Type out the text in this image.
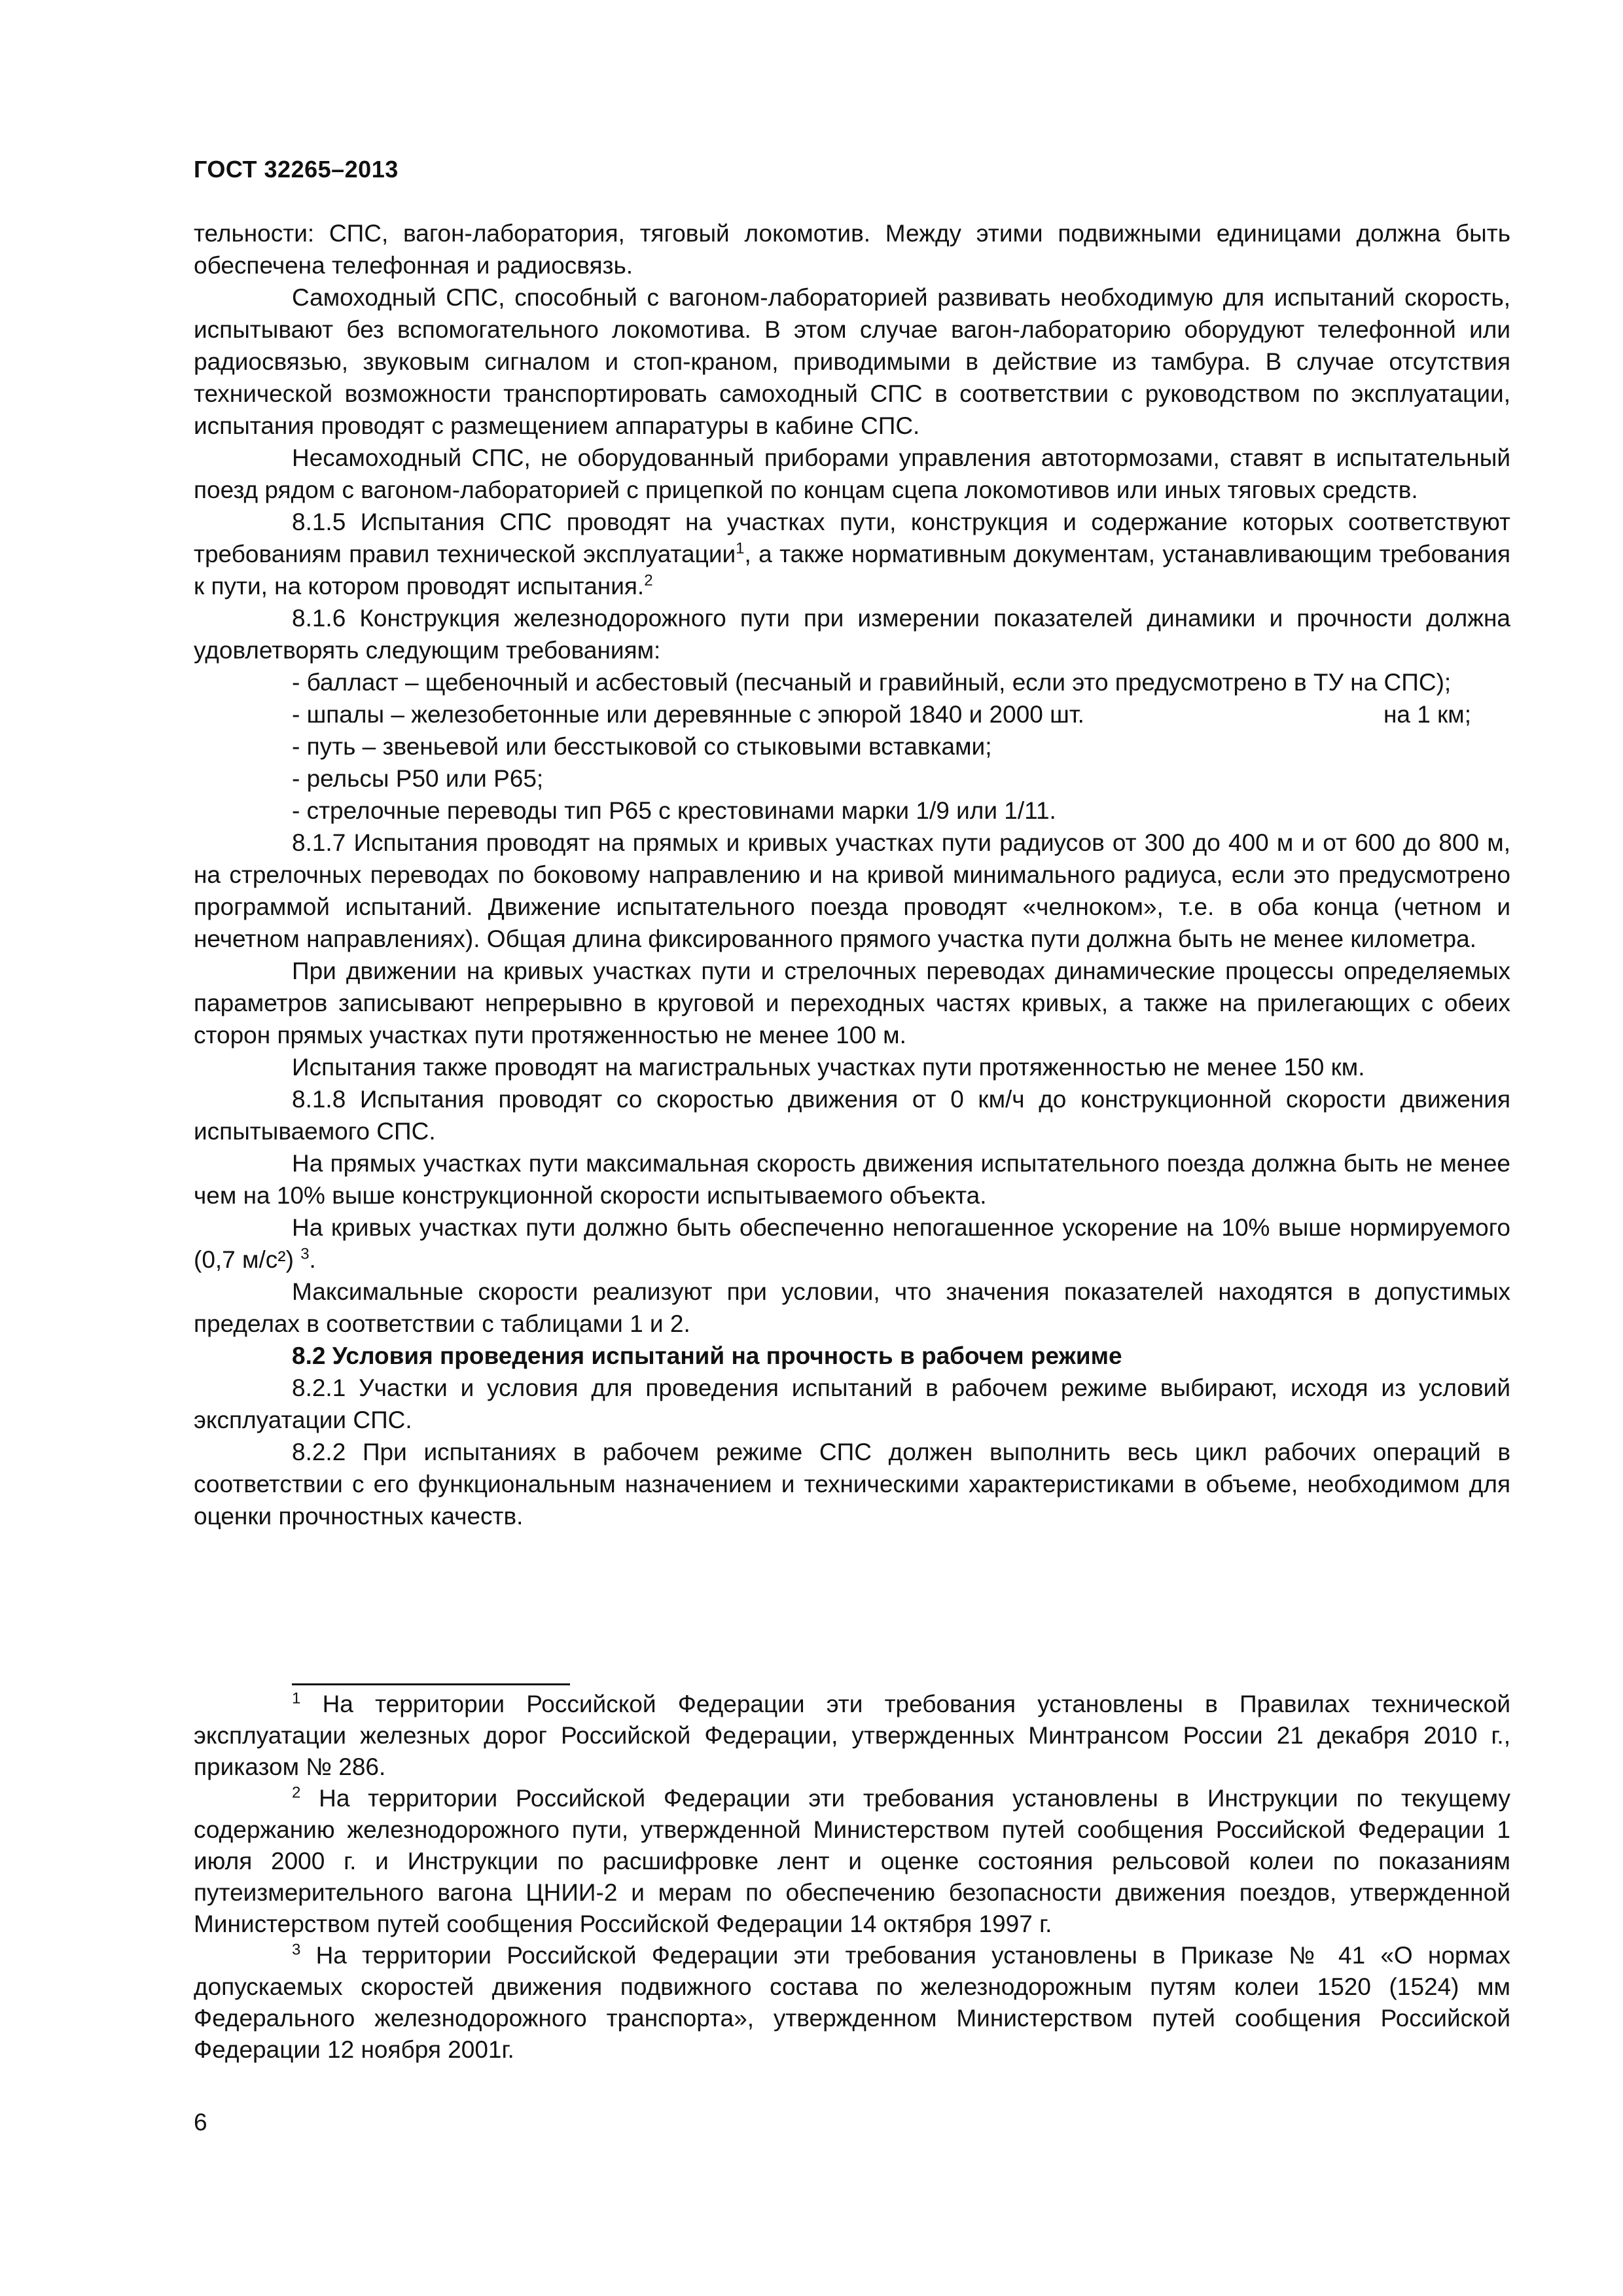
ГОСТ 32265–2013

тельности: СПС, вагон-лаборатория, тяговый локомотив. Между этими подвижными единицами должна быть обеспечена телефонная и радиосвязь.

Самоходный СПС, способный с вагоном-лабораторией развивать необходимую для испытаний скорость, испытывают без вспомогательного локомотива. В этом случае вагон-лабораторию оборудуют телефонной или радиосвязью, звуковым сигналом и стоп-краном, приводимыми в действие из тамбура. В случае отсутствия технической возможности транспортировать самоходный СПС в соответствии с руководством по эксплуатации, испытания проводят с размещением аппаратуры в кабине СПС.

Несамоходный СПС, не оборудованный приборами управления автотормозами, ставят в испытательный поезд рядом с вагоном-лабораторией с прицепкой по концам сцепа локомотивов или иных тяговых средств.

8.1.5 Испытания СПС проводят на участках пути, конструкция и содержание которых соответствуют требованиям правил технической эксплуатации$^1$, а также нормативным документам, устанавливающим требования к пути, на котором проводят испытания.$^2$

8.1.6 Конструкция железнодорожного пути при измерении показателей динамики и прочности должна удовлетворять следующим требованиям:

- балласт – щебеночный и асбестовый (песчаный и гравийный, если это предусмотрено в ТУ на СПС);

- шпалы – железобетонные или деревянные с эпюрой 1840 и 2000 шт.	на 1 км;

- путь – звеньевой или бесстыковой со стыковыми вставками;

- рельсы Р50 или Р65;

- стрелочные переводы тип Р65 с крестовинами марки 1/9 или 1/11.

8.1.7 Испытания проводят на прямых и кривых участках пути радиусов от 300 до 400 м и от 600 до 800 м, на стрелочных переводах по боковому направлению и на кривой минимального радиуса, если это предусмотрено программой испытаний. Движение испытательного поезда проводят «челноком», т.е. в оба конца (четном и нечетном направлениях). Общая длина фиксированного прямого участка пути должна быть не менее километра.

При движении на кривых участках пути и стрелочных переводах динамические процессы определяемых параметров записывают непрерывно в круговой и переходных частях кривых, а также на прилегающих с обеих сторон прямых участках пути протяженностью не менее 100 м.

Испытания также проводят на магистральных участках пути протяженностью не менее 150 км.

8.1.8 Испытания проводят со скоростью движения от 0 км/ч до конструкционной скорости движения испытываемого СПС.

На прямых участках пути максимальная скорость движения испытательного поезда должна быть не менее чем на 10% выше конструкционной скорости испытываемого объекта.

На кривых участках пути должно быть обеспеченно непогашенное ускорение на 10% выше нормируемого (0,7 м/с²) $^3$.

Максимальные скорости реализуют при условии, что значения показателей находятся в допустимых пределах в соответствии с таблицами 1 и 2.

8.2 Условия проведения испытаний на прочность в рабочем режиме

8.2.1 Участки и условия для проведения испытаний в рабочем режиме выбирают, исходя из условий эксплуатации СПС.

8.2.2 При испытаниях в рабочем режиме СПС должен выполнить весь цикл рабочих операций в соответствии с его функциональным назначением и техническими характеристиками в объеме, необходимом для оценки прочностных качеств.

$^1$ На территории Российской Федерации эти требования установлены в Правилах технической эксплуатации железных дорог Российской Федерации, утвержденных Минтрансом России 21 декабря 2010 г., приказом № 286.

$^2$ На территории Российской Федерации эти требования установлены в Инструкции по текущему содержанию железнодорожного пути, утвержденной Министерством путей сообщения Российской Федерации 1 июля 2000 г. и Инструкции по расшифровке лент и оценке состояния рельсовой колеи по показаниям путеизмерительного вагона ЦНИИ-2 и мерам по обеспечению безопасности движения поездов, утвержденной Министерством путей сообщения Российской Федерации 14 октября 1997 г.

$^3$ На территории Российской Федерации эти требования установлены в Приказе № 41 «О нормах допускаемых скоростей движения подвижного состава по железнодорожным путям колеи 1520 (1524) мм Федерального железнодорожного транспорта», утвержденном Министерством путей сообщения Российской Федерации 12 ноября 2001г.

6
